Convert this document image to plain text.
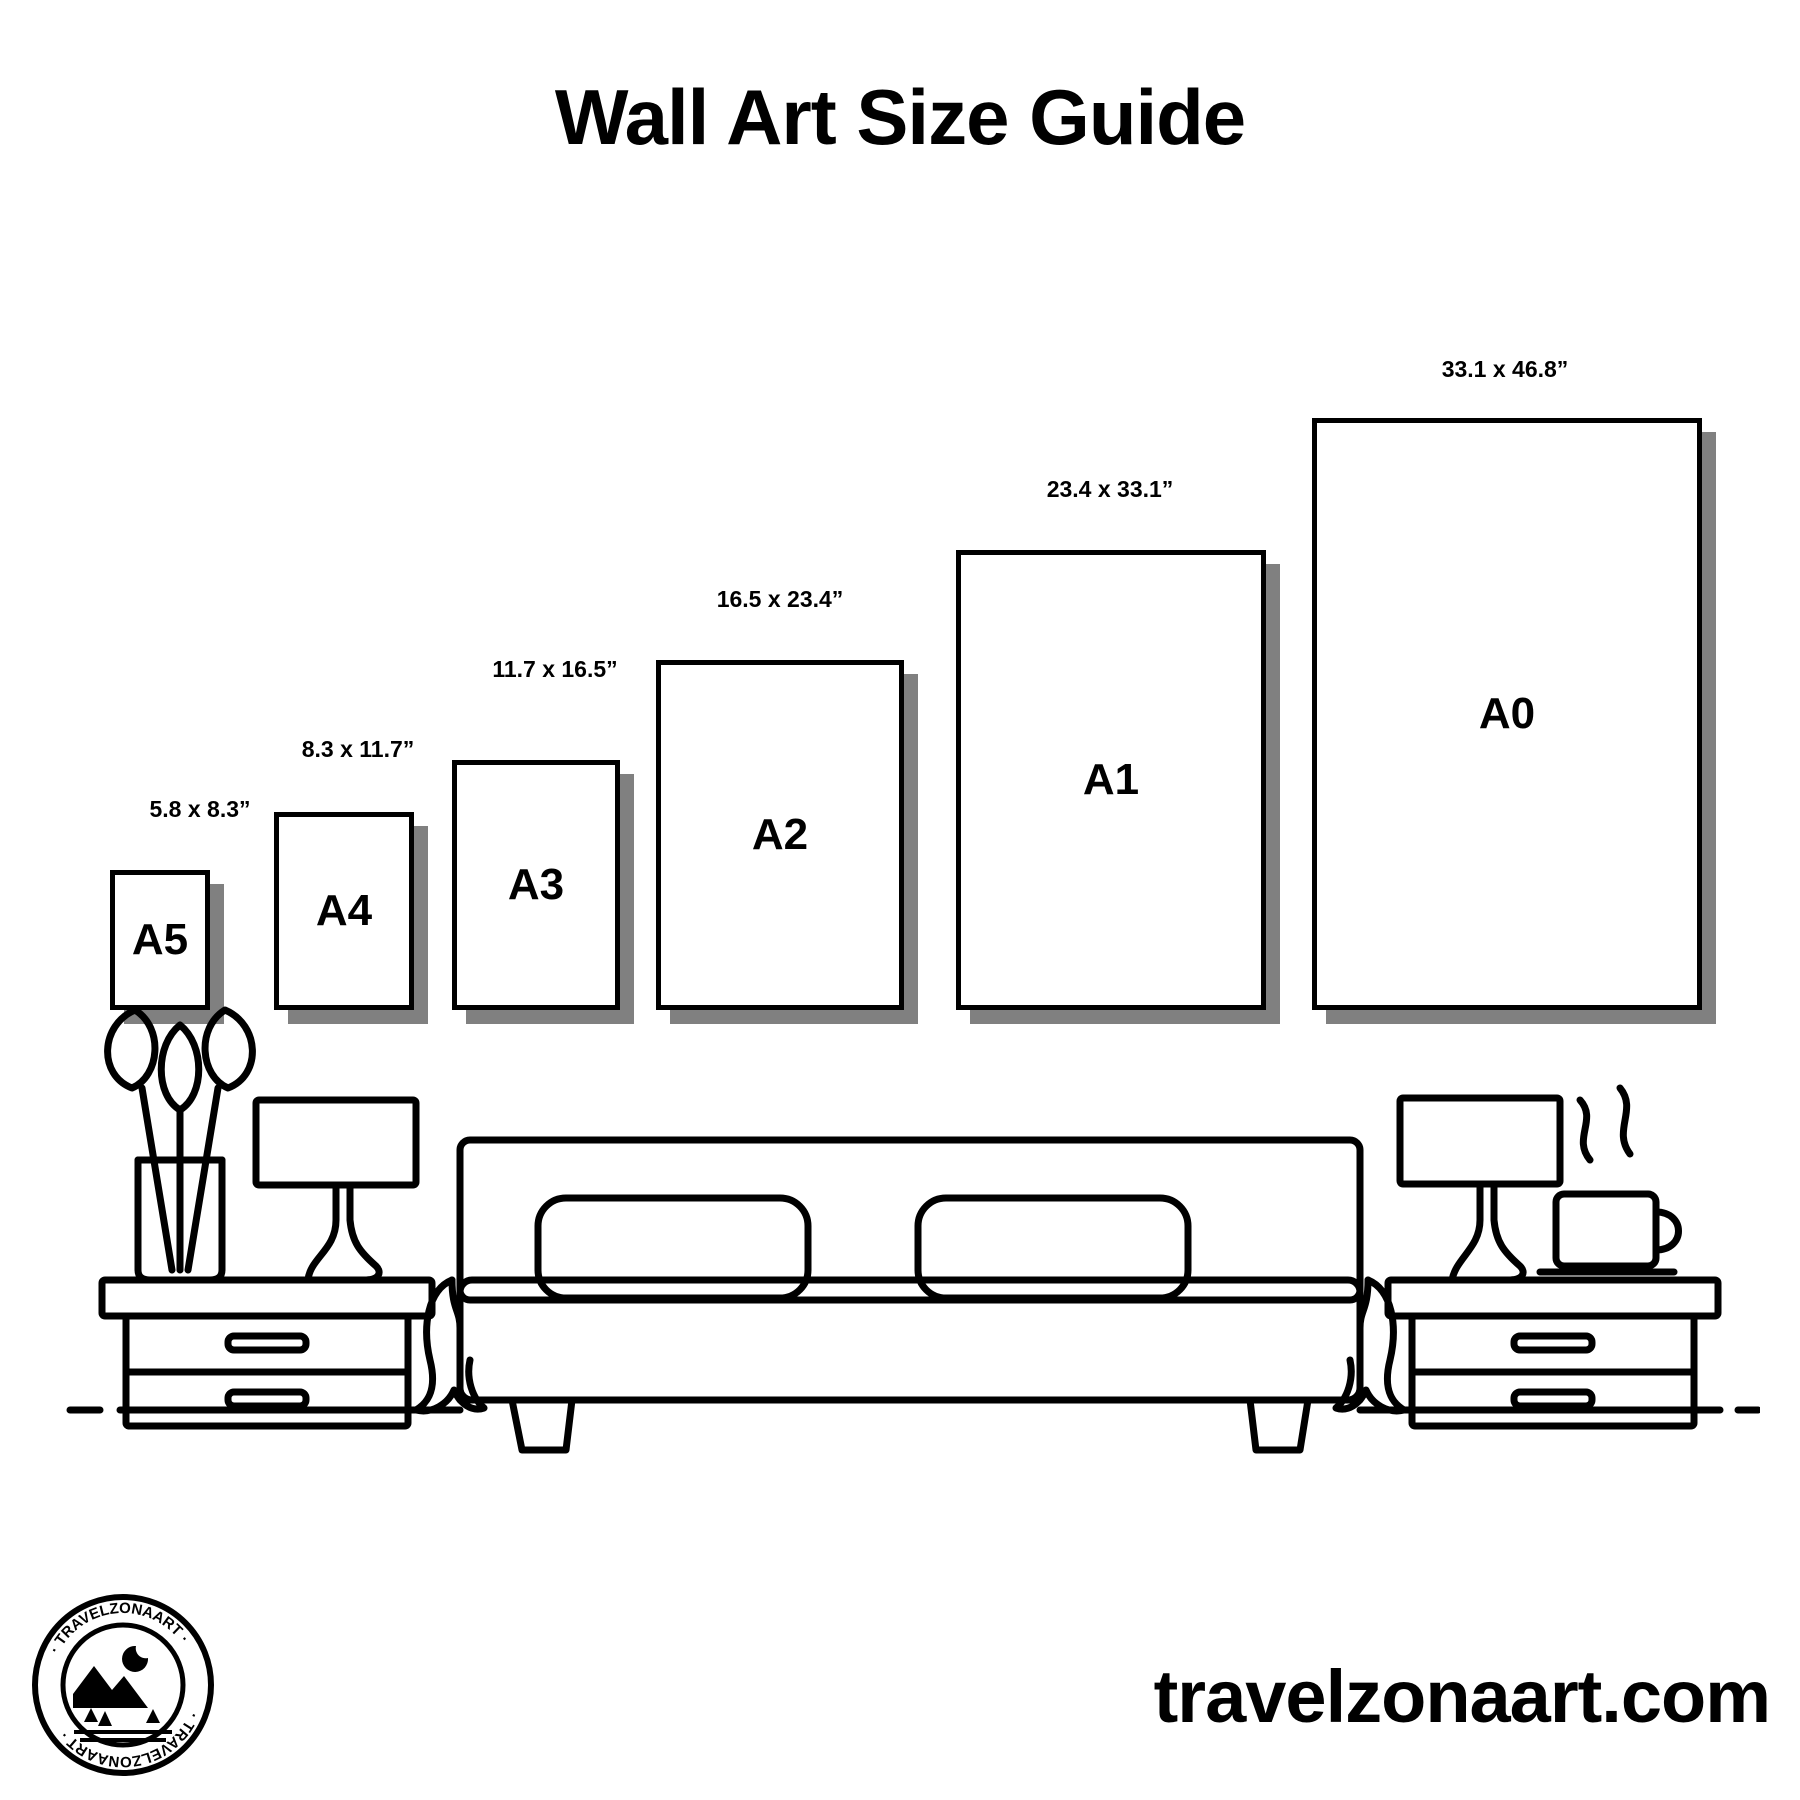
Wall Art Size Guide
5.8 x 8.3”
A5
8.3 x 11.7”
A4
11.7 x 16.5”
A3
16.5 x 23.4”
A2
23.4 x 33.1”
A1
33.1 x 46.8”
A0
· TRAVELZONAART ·
· TRAVELZONAART ·	travelzonaart.com
